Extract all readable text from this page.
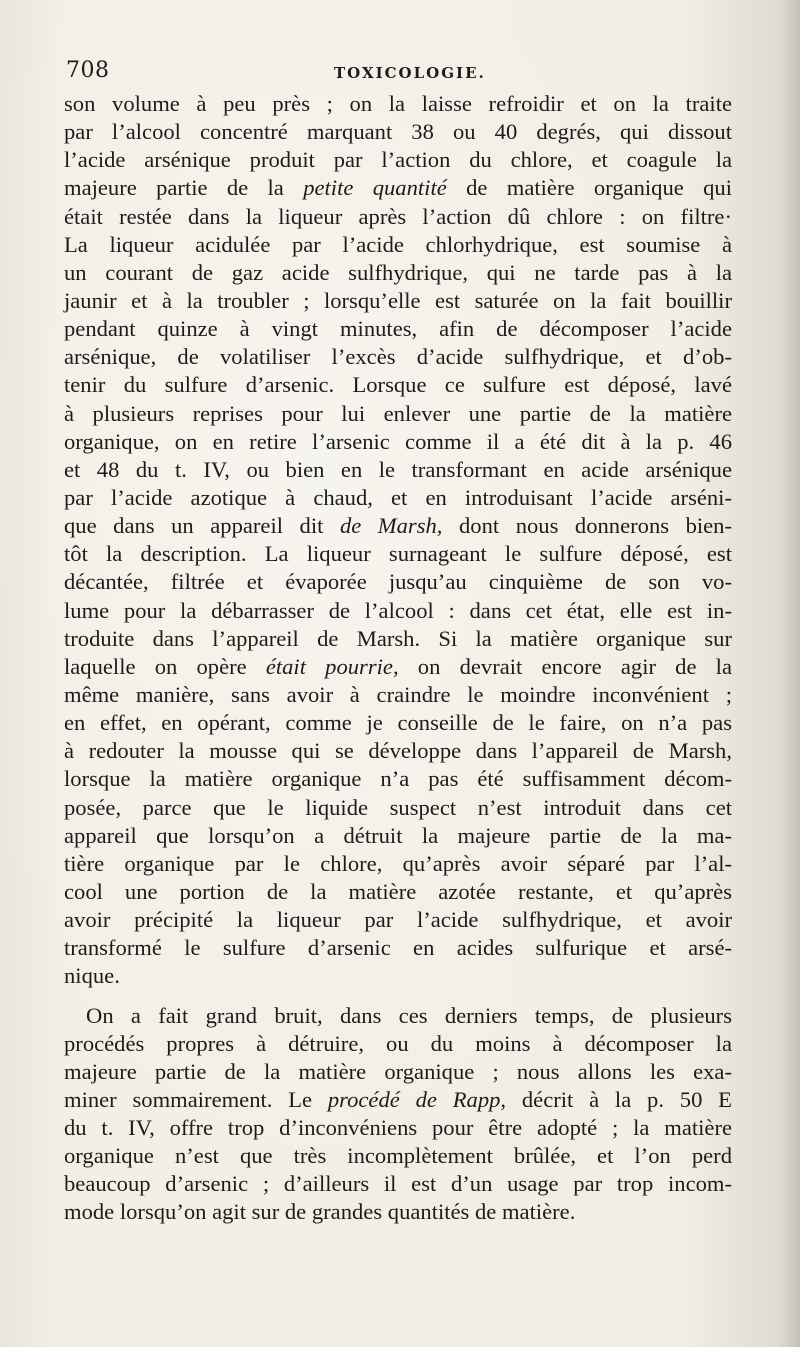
708	TOXICOLOGIE.
son volume à peu près ; on la laisse refroidir et on la traite
par l’alcool concentré marquant 38 ou 40 degrés, qui dissout
l’acide arsénique produit par l’action du chlore, et coagule la
majeure partie de la petite quantité de matière organique qui
était restée dans la liqueur après l’action dû chlore : on filtre·
La liqueur acidulée par l’acide chlorhydrique, est soumise à
un courant de gaz acide sulfhydrique, qui ne tarde pas à la
jaunir et à la troubler ; lorsqu’elle est saturée on la fait bouillir
pendant quinze à vingt minutes, afin de décomposer l’acide
arsénique, de volatiliser l’excès d’acide sulfhydrique, et d’ob-
tenir du sulfure d’arsenic. Lorsque ce sulfure est déposé, lavé
à plusieurs reprises pour lui enlever une partie de la matière
organique, on en retire l’arsenic comme il a été dit à la p. 46
et 48 du t. IV, ou bien en le transformant en acide arsénique
par l’acide azotique à chaud, et en introduisant l’acide arséni-
que dans un appareil dit de Marsh, dont nous donnerons bien-
tôt la description. La liqueur surnageant le sulfure déposé, est
décantée, filtrée et évaporée jusqu’au cinquième de son vo-
lume pour la débarrasser de l’alcool : dans cet état, elle est in-
troduite dans l’appareil de Marsh. Si la matière organique sur
laquelle on opère était pourrie, on devrait encore agir de la
même manière, sans avoir à craindre le moindre inconvénient ;
en effet, en opérant, comme je conseille de le faire, on n’a pas
à redouter la mousse qui se développe dans l’appareil de Marsh,
lorsque la matière organique n’a pas été suffisamment décom-
posée, parce que le liquide suspect n’est introduit dans cet
appareil que lorsqu’on a détruit la majeure partie de la ma-
tière organique par le chlore, qu’après avoir séparé par l’al-
cool une portion de la matière azotée restante, et qu’après
avoir précipité la liqueur par l’acide sulfhydrique, et avoir
transformé le sulfure d’arsenic en acides sulfurique et arsé-
nique.
On a fait grand bruit, dans ces derniers temps, de plusieurs
procédés propres à détruire, ou du moins à décomposer la
majeure partie de la matière organique ; nous allons les exa-
miner sommairement. Le procédé de Rapp, décrit à la p. 50 E
du t. IV, offre trop d’inconvéniens pour être adopté ; la matière
organique n’est que très incomplètement brûlée, et l’on perd
beaucoup d’arsenic ; d’ailleurs il est d’un usage par trop incom-
mode lorsqu’on agit sur de grandes quantités de matière.
